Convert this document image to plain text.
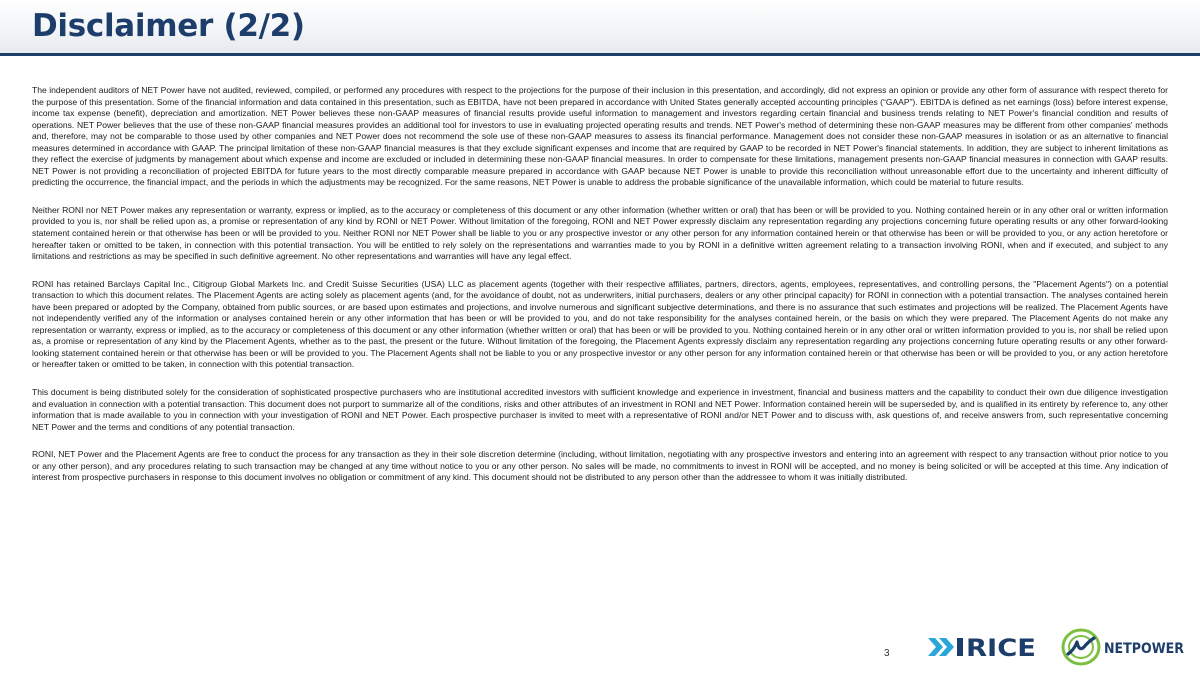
Disclaimer (2/2)

The independent auditors of NET Power have not audited, reviewed, compiled, or performed any procedures with respect to the projections for the purpose of their inclusion in this presentation, and accordingly, did not express an opinion or provide any other form of assurance with respect thereto for the purpose of this presentation. Some of the financial information and data contained in this presentation, such as EBITDA, have not been prepared in accordance with United States generally accepted accounting principles (“GAAP”). EBITDA is defined as net earnings (loss) before interest expense, income tax expense (benefit), depreciation and amortization. NET Power believes these non-GAAP measures of financial results provide useful information to management and investors regarding certain financial and business trends relating to NET Power's financial condition and results of operations. NET Power believes that the use of these non-GAAP financial measures provides an additional tool for investors to use in evaluating projected operating results and trends. NET Power's method of determining these non-GAAP measures may be different from other companies' methods and, therefore, may not be comparable to those used by other companies and NET Power does not recommend the sole use of these non-GAAP measures to assess its financial performance. Management does not consider these non-GAAP measures in isolation or as an alternative to financial measures determined in accordance with GAAP. The principal limitation of these non-GAAP financial measures is that they exclude significant expenses and income that are required by GAAP to be recorded in NET Power's financial statements. In addition, they are subject to inherent limitations as they reflect the exercise of judgments by management about which expense and income are excluded or included in determining these non-GAAP financial measures. In order to compensate for these limitations, management presents non-GAAP financial measures in connection with GAAP results. NET Power is not providing a reconciliation of projected EBITDA for future years to the most directly comparable measure prepared in accordance with GAAP because NET Power is unable to provide this reconciliation without unreasonable effort due to the uncertainty and inherent difficulty of predicting the occurrence, the financial impact, and the periods in which the adjustments may be recognized. For the same reasons, NET Power is unable to address the probable significance of the unavailable information, which could be material to future results.

Neither RONI nor NET Power makes any representation or warranty, express or implied, as to the accuracy or completeness of this document or any other information (whether written or oral) that has been or will be provided to you. Nothing contained herein or in any other oral or written information provided to you is, nor shall be relied upon as, a promise or representation of any kind by RONI or NET Power. Without limitation of the foregoing, RONI and NET Power expressly disclaim any representation regarding any projections concerning future operating results or any other forward-looking statement contained herein or that otherwise has been or will be provided to you. Neither RONI nor NET Power shall be liable to you or any prospective investor or any other person for any information contained herein or that otherwise has been or will be provided to you, or any action heretofore or hereafter taken or omitted to be taken, in connection with this potential transaction. You will be entitled to rely solely on the representations and warranties made to you by RONI in a definitive written agreement relating to a transaction involving RONI, when and if executed, and subject to any limitations and restrictions as may be specified in such definitive agreement. No other representations and warranties will have any legal effect.

RONI has retained Barclays Capital Inc., Citigroup Global Markets Inc. and Credit Suisse Securities (USA) LLC as placement agents (together with their respective affiliates, partners, directors, agents, employees, representatives, and controlling persons, the "Placement Agents") on a potential transaction to which this document relates. The Placement Agents are acting solely as placement agents (and, for the avoidance of doubt, not as underwriters, initial purchasers, dealers or any other principal capacity) for RONI in connection with a potential transaction. The analyses contained herein have been prepared or adopted by the Company, obtained from public sources, or are based upon estimates and projections, and involve numerous and significant subjective determinations, and there is no assurance that such estimates and projections will be realized. The Placement Agents have not independently verified any of the information or analyses contained herein or any other information that has been or will be provided to you, and do not take responsibility for the analyses contained herein, or the basis on which they were prepared. The Placement Agents do not make any representation or warranty, express or implied, as to the accuracy or completeness of this document or any other information (whether written or oral) that has been or will be provided to you. Nothing contained herein or in any other oral or written information provided to you is, nor shall be relied upon as, a promise or representation of any kind by the Placement Agents, whether as to the past, the present or the future. Without limitation of the foregoing, the Placement Agents expressly disclaim any representation regarding any projections concerning future operating results or any other forward-looking statement contained herein or that otherwise has been or will be provided to you. The Placement Agents shall not be liable to you or any prospective investor or any other person for any information contained herein or that otherwise has been or will be provided to you, or any action heretofore or hereafter taken or omitted to be taken, in connection with this potential transaction.

This document is being distributed solely for the consideration of sophisticated prospective purchasers who are institutional accredited investors with sufficient knowledge and experience in investment, financial and business matters and the capability to conduct their own due diligence investigation and evaluation in connection with a potential transaction. This document does not purport to summarize all of the conditions, risks and other attributes of an investment in RONI and NET Power. Information contained herein will be superseded by, and is qualified in its entirety by reference to, any other information that is made available to you in connection with your investigation of RONI and NET Power. Each prospective purchaser is invited to meet with a representative of RONI and/or NET Power and to discuss with, ask questions of, and receive answers from, such representative concerning NET Power and the terms and conditions of any potential transaction.

RONI, NET Power and the Placement Agents are free to conduct the process for any transaction as they in their sole discretion determine (including, without limitation, negotiating with any prospective investors and entering into an agreement with respect to any transaction without prior notice to you or any other person), and any procedures relating to such transaction may be changed at any time without notice to you or any other person. No sales will be made, no commitments to invest in RONI will be accepted, and no money is being solicited or will be accepted at this time. Any indication of interest from prospective purchasers in response to this document involves no obligation or commitment of any kind. This document should not be distributed to any person other than the addressee to whom it was initially distributed.

3	RICE	NETPOWER
